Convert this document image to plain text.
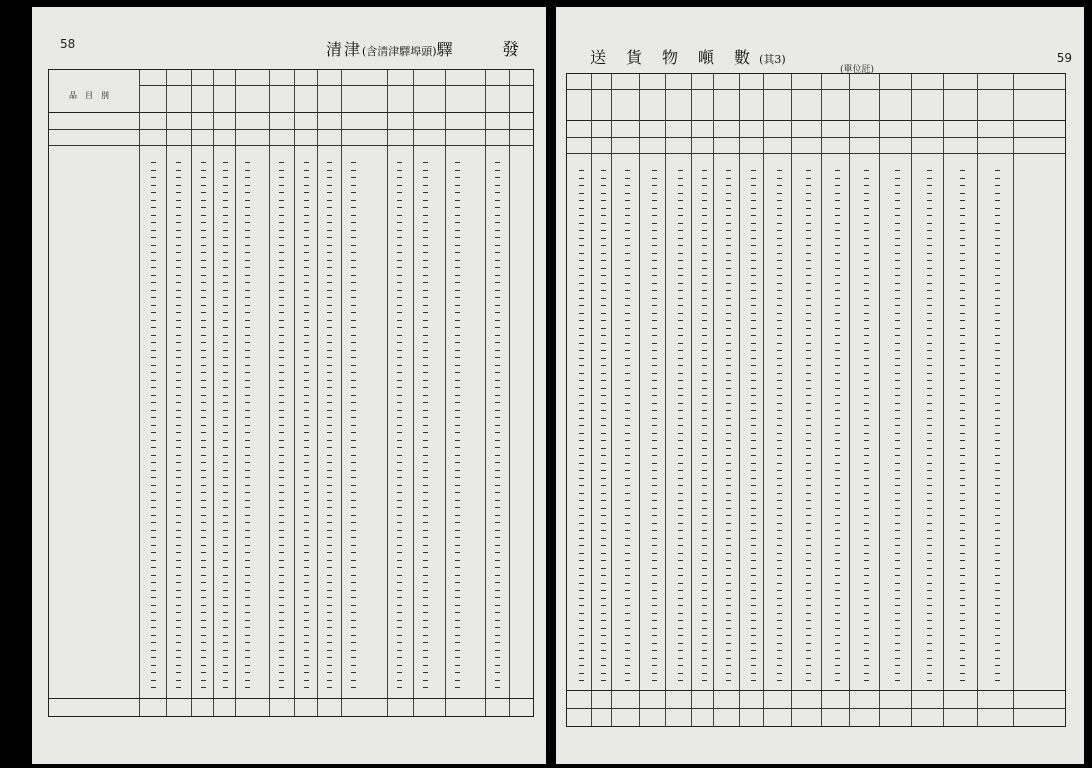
58	清津(含清津驛埠頭)驛	發
品　目　別
59
送　貨　物　噸　數 (其3)
(單位瓩)
